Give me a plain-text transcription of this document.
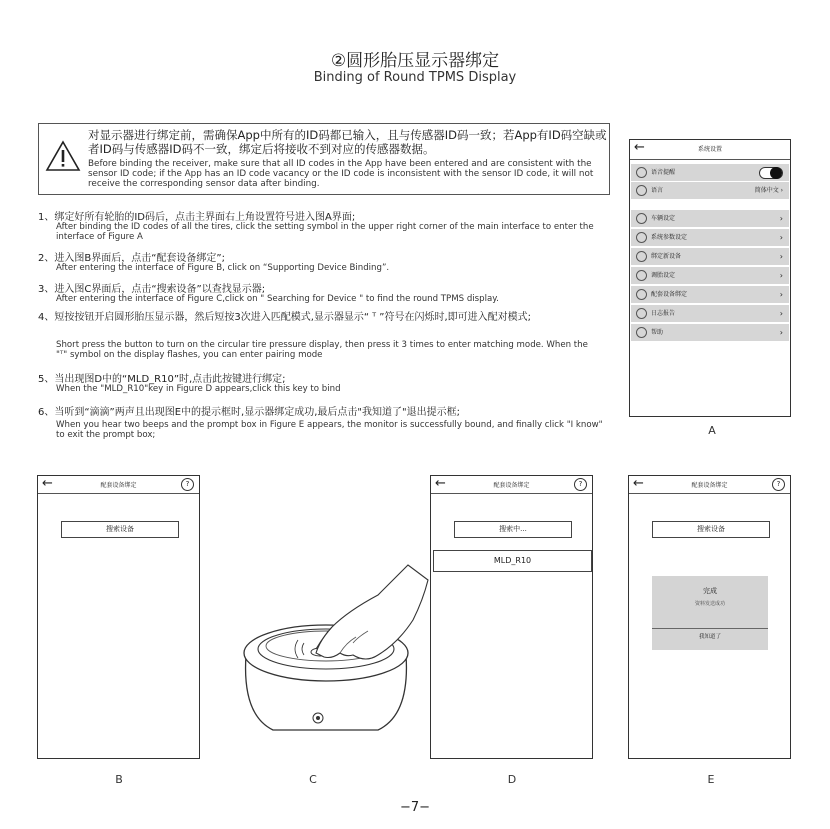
②圆形胎压显示器绑定
Binding of Round TPMS Display
对显示器进行绑定前，需确保App中所有的ID码都已输入，且与传感器ID码一致；若App有ID码空缺或者ID码与传感器ID码不一致，绑定后将接收不到对应的传感器数据。
Before binding the receiver, make sure that all ID codes in the App have been entered and are consistent with the sensor ID code; if the App has an ID code vacancy or the ID code is inconsistent with the sensor ID code, it will not receive the corresponding sensor data after binding.
1、绑定好所有轮胎的ID码后，点击主界面右上角设置符号进入图A界面;
After binding the ID codes of all the tires, click the setting symbol in the upper right corner of the main interface to enter the interface of Figure A
2、进入图B界面后，点击“配套设备绑定”;
After entering the interface of Figure B, click on “Supporting Device Binding”.
3、进入图C界面后，点击“搜索设备”以查找显示器;
After entering the interface of Figure C,click on " Searching for Device " to find the round TPMS display.
4、短按按钮开启圆形胎压显示器，然后短按3次进入匹配模式,显示器显示“ ᵀ ”符号在闪烁时,即可进入配对模式;
Short press the button to turn on the circular tire pressure display, then press it 3 times to enter matching mode. When the "ᵀ" symbol on the display flashes, you can enter pairing mode
5、当出现图D中的“MLD_R10”时,点击此按键进行绑定;
When the "MLD_R10"key in Figure D appears,click this key to bind
6、当听到“滴滴”两声且出现图E中的提示框时,显示器绑定成功,最后点击"我知道了"退出提示框;
When you hear two beeps and the prompt box in Figure E appears, the monitor is successfully bound, and finally click "I know" to exit the prompt box;
←	系统设置
语音提醒
语言	简体中文 ›
车辆设定	›
系统参数设定	›
绑定新设备	›
调胎设定	›
配套设备绑定	›
日志报告	›
帮助	›
A
←	配套设备绑定	?
搜索设备
B	C
←	配套设备绑定	?
搜索中...
MLD_R10
D
←	配套设备绑定	?
搜索设备
完成
资料发送成功
我知道了
E
−7−
